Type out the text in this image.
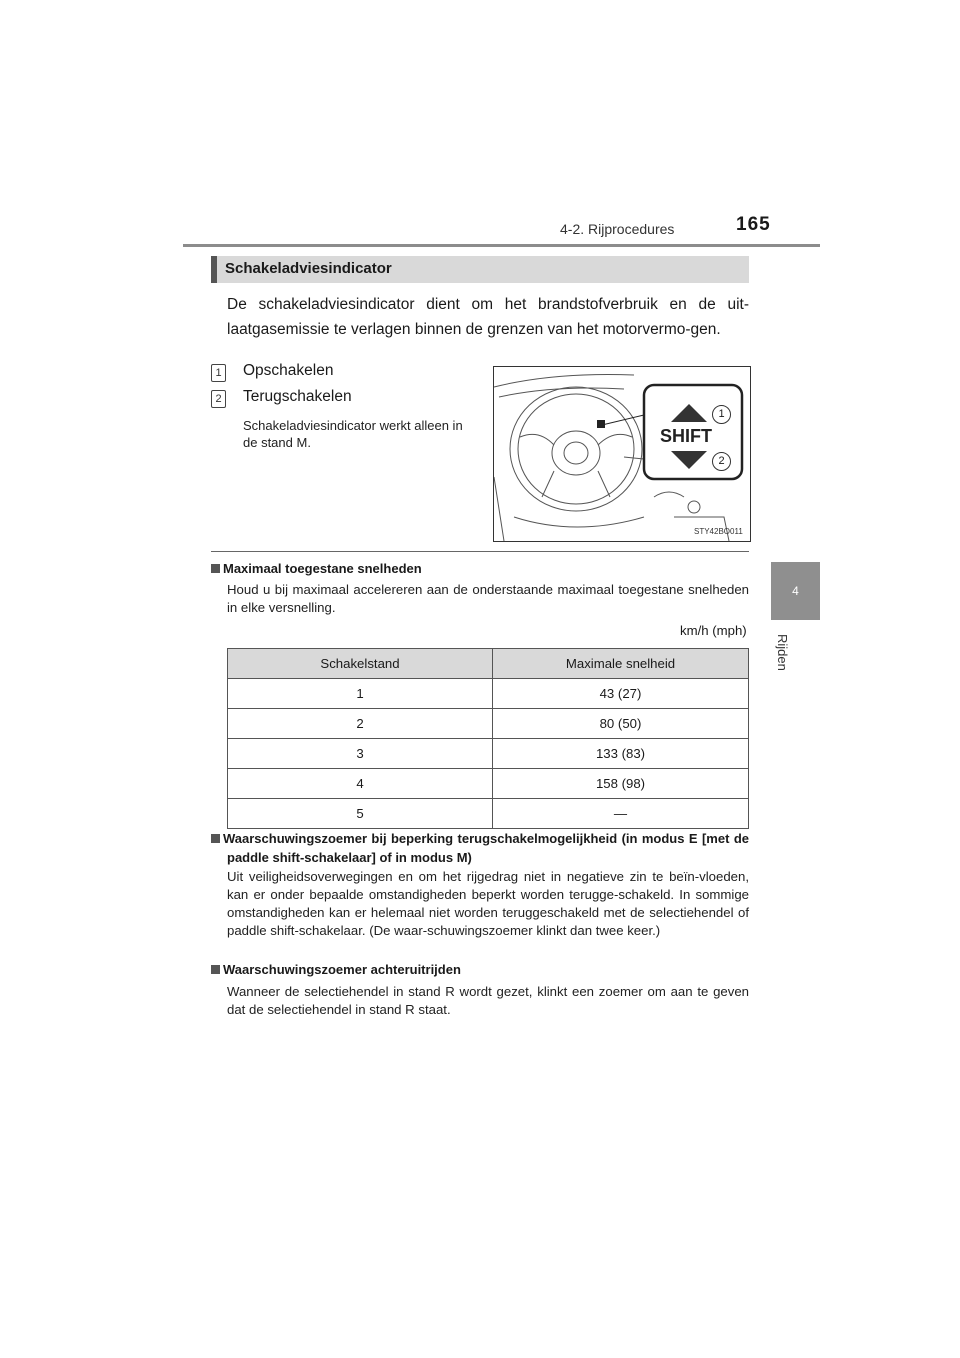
4-2. Rijprocedures	165
4
Rijden
Schakeladviesindicator
De schakeladviesindicator dient om het brandstofverbruik en de uit-laatgasemissie te verlagen binnen de grenzen van het motorvermo-gen.
1 Opschakelen
2 Terugschakelen
Schakeladviesindicator werkt alleen in de stand M.	SHIFT
1
2
STY42BO011
Maximaal toegestane snelheden
Houd u bij maximaal accelereren aan de onderstaande maximaal toegestane snelheden in elke versnelling.
km/h (mph)
Schakelstand	Maximale snelheid
1	43 (27)
2	80 (50)
3	133 (83)
4	158 (98)
5	—
Waarschuwingszoemer bij beperking terugschakelmogelijkheid (in modus E [met de paddle shift-schakelaar] of in modus M)
Uit veiligheidsoverwegingen en om het rijgedrag niet in negatieve zin te beïn-vloeden, kan er onder bepaalde omstandigheden beperkt worden terugge-schakeld. In sommige omstandigheden kan er helemaal niet worden teruggeschakeld met de selectiehendel of paddle shift-schakelaar. (De waar-schuwingszoemer klinkt dan twee keer.)
Waarschuwingszoemer achteruitrijden
Wanneer de selectiehendel in stand R wordt gezet, klinkt een zoemer om aan te geven dat de selectiehendel in stand R staat.
